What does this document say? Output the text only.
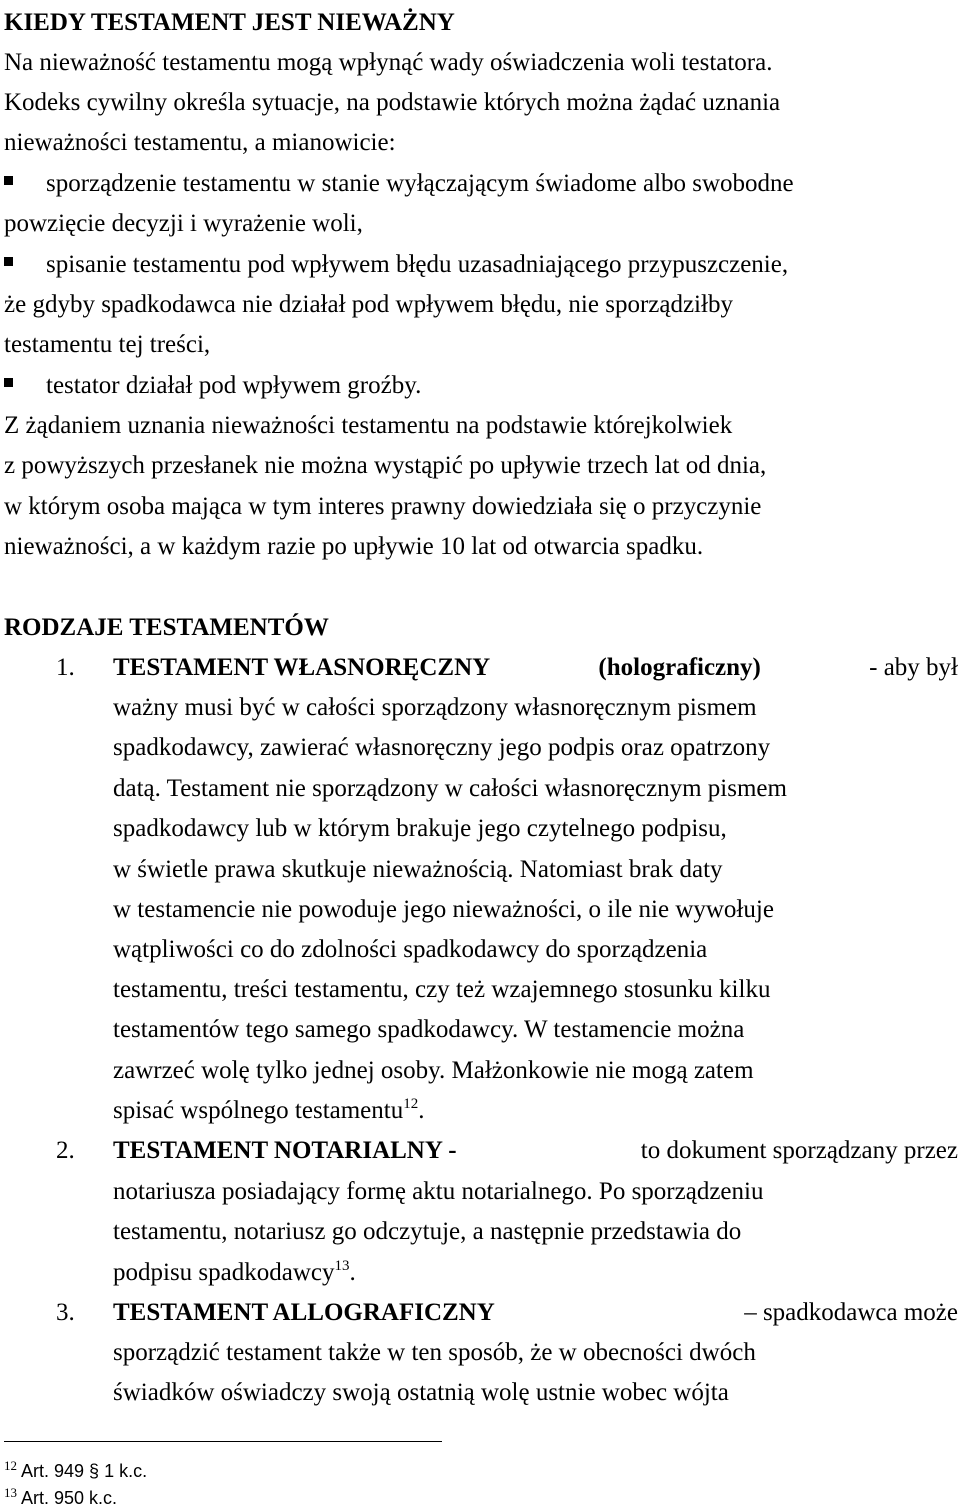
KIEDY TESTAMENT JEST NIEWAŻNY
Na nieważność testamentu mogą wpłynąć wady oświadczenia woli testatora.
Kodeks cywilny określa sytuacje, na podstawie których można żądać uznania
nieważności testamentu, a mianowicie:
sporządzenie testamentu w stanie wyłączającym świadome albo swobodne
powzięcie decyzji i wyrażenie woli,
spisanie testamentu pod wpływem błędu uzasadniającego przypuszczenie,
że gdyby spadkodawca nie działał pod wpływem błędu, nie sporządziłby
testamentu tej treści,
testator działał pod wpływem groźby.
Z żądaniem uznania nieważności testamentu na podstawie którejkolwiek
z powyższych przesłanek nie można wystąpić po upływie trzech lat od dnia,
w którym osoba mająca w tym interes prawny dowiedziała się o przyczynie
nieważności, a w każdym razie po upływie 10 lat od otwarcia spadku.
RODZAJE TESTAMENTÓW
1. TESTAMENT WŁASNORĘCZNY	(holograficzny)	- aby był
ważny musi być w całości sporządzony własnoręcznym pismem
spadkodawcy, zawierać własnoręczny jego podpis oraz opatrzony
datą. Testament nie sporządzony w całości własnoręcznym pismem
spadkodawcy lub w którym brakuje jego czytelnego podpisu,
w świetle prawa skutkuje nieważnością. Natomiast brak daty
w testamencie nie powoduje jego nieważności, o ile nie wywołuje
wątpliwości co do zdolności spadkodawcy do sporządzenia
testamentu, treści testamentu, czy też wzajemnego stosunku kilku
testamentów tego samego spadkodawcy. W testamencie można
zawrzeć wolę tylko jednej osoby. Małżonkowie nie mogą zatem
spisać wspólnego testamentu$^{12}$.
2. TESTAMENT NOTARIALNY -	to dokument sporządzany przez
notariusza posiadający formę aktu notarialnego. Po sporządzeniu
testamentu, notariusz go odczytuje, a następnie przedstawia do
podpisu spadkodawcy$^{13}$.
3. TESTAMENT ALLOGRAFICZNY	– spadkodawca może
sporządzić testament także w ten sposób, że w obecności dwóch
świadków oświadczy swoją ostatnią wolę ustnie wobec wójta
$^{12}$ Art. 949 § 1 k.c.
$^{13}$ Art. 950 k.c.
